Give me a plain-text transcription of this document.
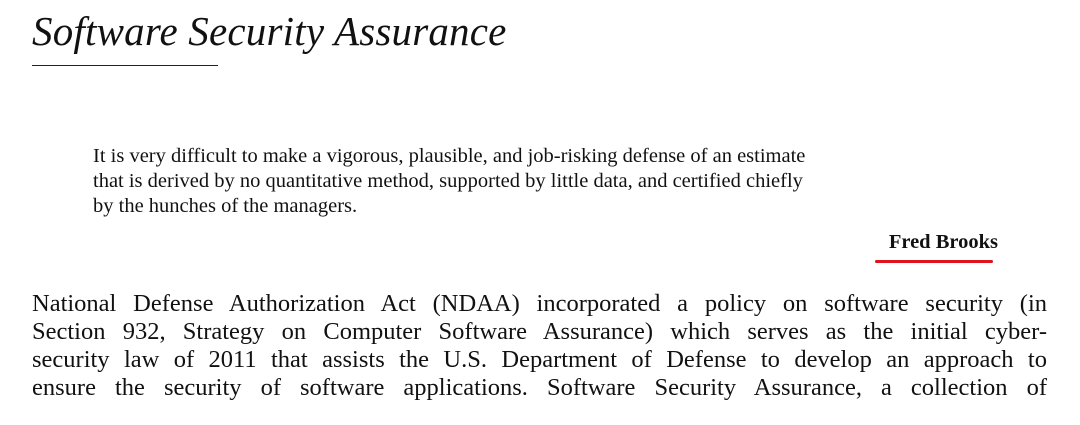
Software Security Assurance

It is very difficult to make a vigorous, plausible, and job-risking defense of an estimate
that is derived by no quantitative method, supported by little data, and certified chiefly
by the hunches of the managers.

Fred Brooks
National Defense Authorization Act (NDAA) incorporated a policy on software security (in
Section 932, Strategy on Computer Software Assurance) which serves as the initial cyber-
security law of 2011 that assists the U.S. Department of Defense to develop an approach to
ensure the security of software applications. Software Security Assurance, a collection of
